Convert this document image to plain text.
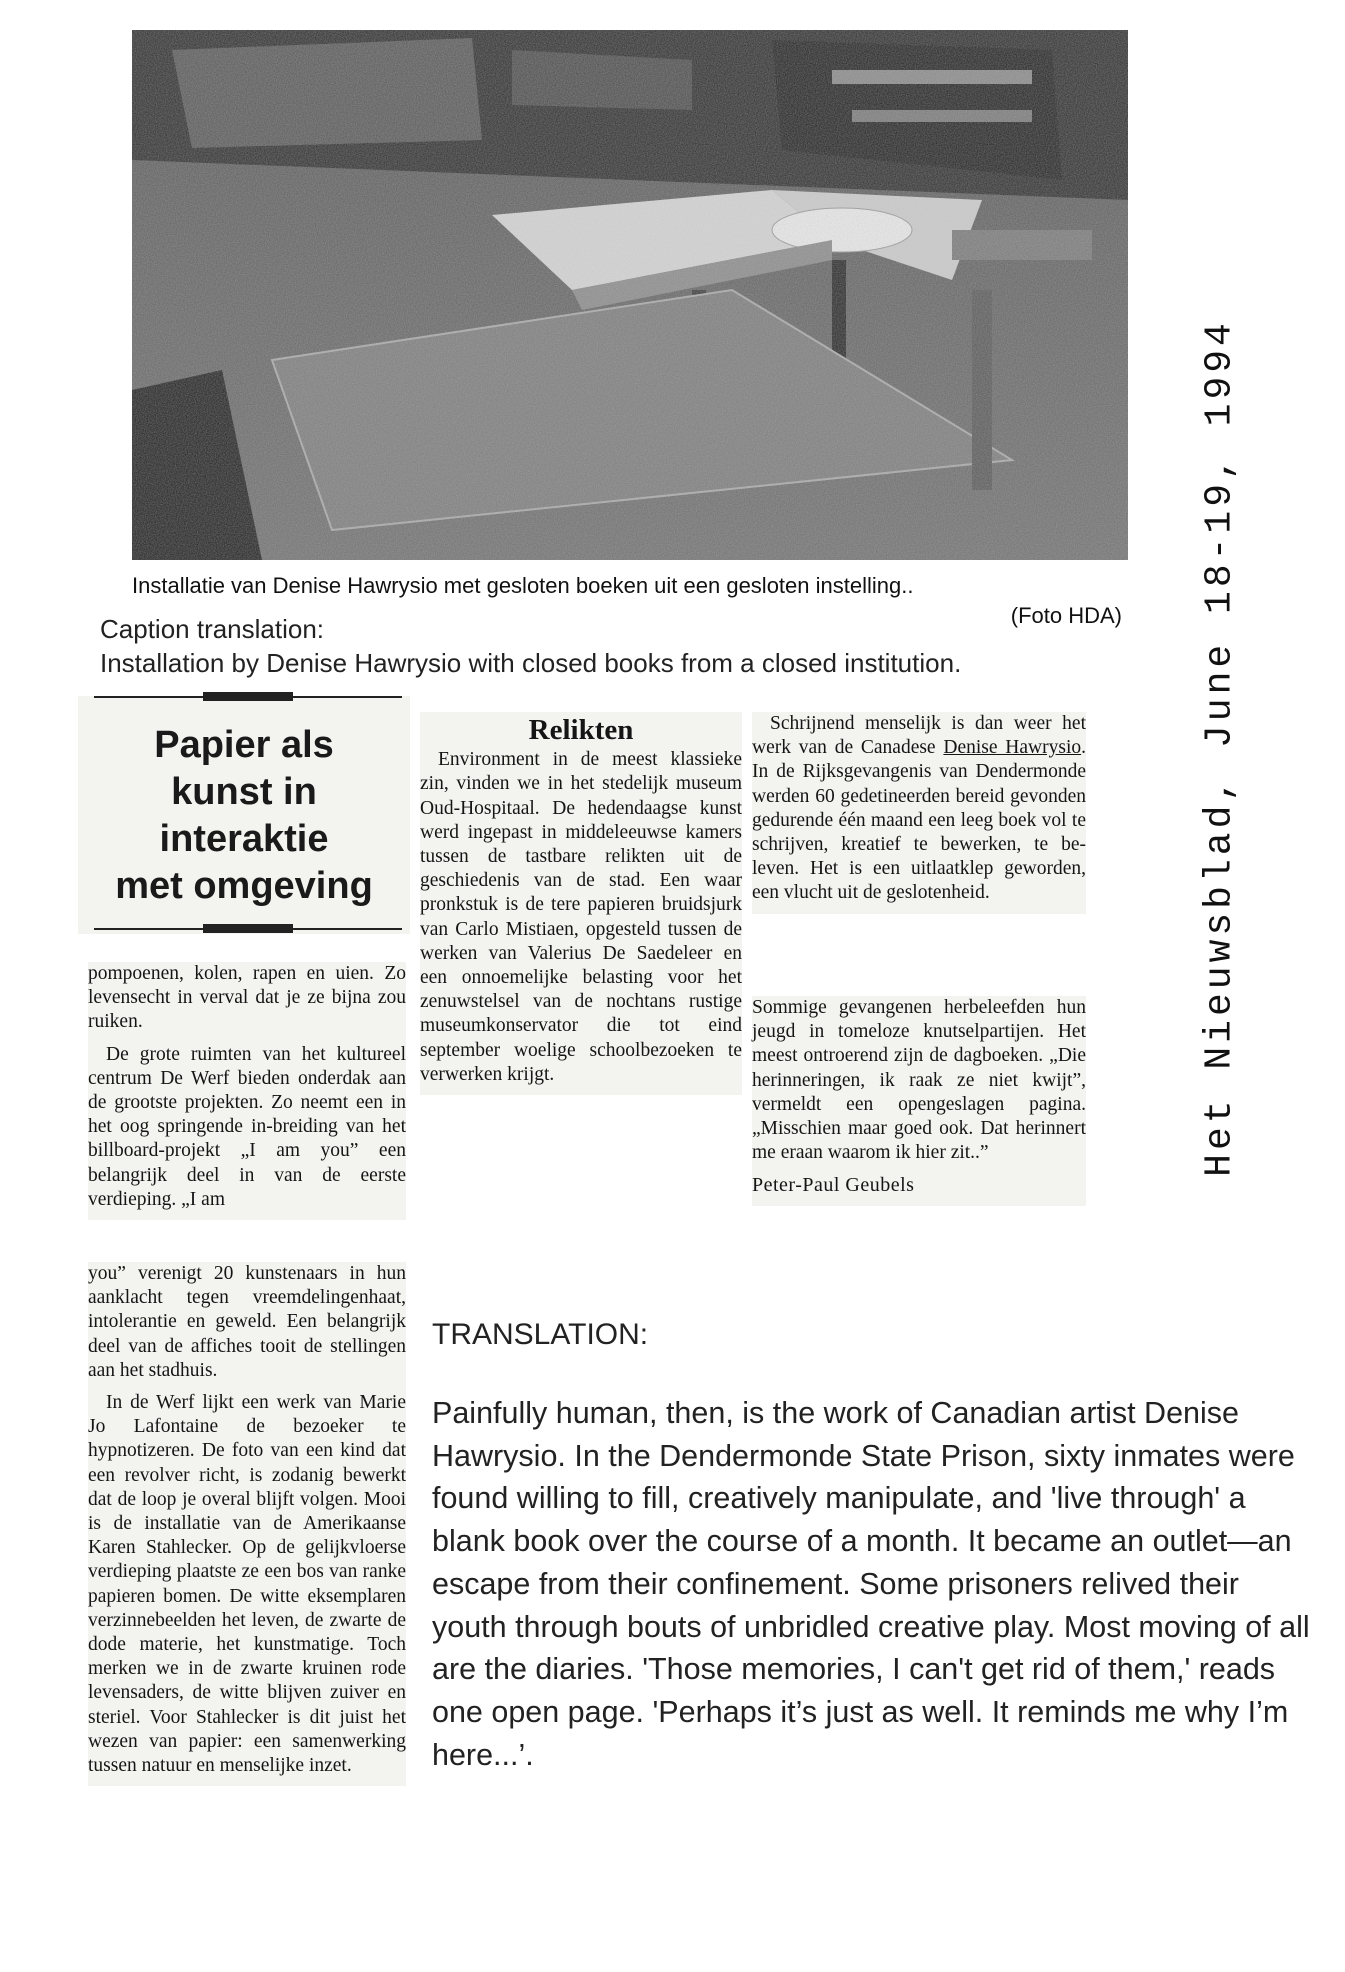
Installatie van Denise Hawrysio met gesloten boeken uit een gesloten instelling..
(Foto HDA)
Caption translation:
Installation by Denise Hawrysio with closed books from a closed institution.
Papier als
kunst in
interaktie
met omgeving

pompoenen, kolen, rapen en uien. Zo levensecht in verval dat je ze bijna zou ruiken.

De grote ruimten van het kultureel centrum De Werf bieden onderdak aan de grootste projekten. Zo neemt een in het oog springende in-breiding van het billboard-projekt „I am you” een belangrijk deel in van de eerste verdieping. „I am

you” verenigt 20 kunstenaars in hun aanklacht tegen vreemdelingenhaat, intolerantie en geweld. Een belangrijk deel van de affiches tooit de stellingen aan het stadhuis.

In de Werf lijkt een werk van Marie Jo Lafontaine de bezoeker te hypnotizeren. De foto van een kind dat een revolver richt, is zodanig bewerkt dat de loop je overal blijft volgen. Mooi is de installatie van de Amerikaanse Karen Stahlecker. Op de gelijkvloerse verdieping plaatste ze een bos van ranke papieren bomen. De witte eksemplaren verzinnebeelden het leven, de zwarte de dode materie, het kunstmatige. Toch merken we in de zwarte kruinen rode levensaders, de witte blijven zuiver en steriel. Voor Stahlecker is dit juist het wezen van papier: een samenwerking tussen natuur en menselijke inzet.

Relikten

Environment in de meest klassieke zin, vinden we in het stedelijk museum Oud-Hospitaal. De hedendaagse kunst werd ingepast in middeleeuwse kamers tussen de tastbare relikten uit de geschiedenis van de stad. Een waar pronkstuk is de tere papieren bruidsjurk van Carlo Mistiaen, opgesteld tussen de werken van Valerius De Saedeleer en een onnoemelijke belasting voor het zenuwstelsel van de nochtans rustige museumkonservator die tot eind september woelige schoolbezoeken te verwerken krijgt.

Schrijnend menselijk is dan weer het werk van de Canadese Denise Hawrysio. In de Rijksgevangenis van Dendermonde werden 60 gedetineerden bereid gevonden gedurende één maand een leeg boek vol te schrijven, kreatief te bewerken, te be-leven. Het is een uitlaatklep geworden, een vlucht uit de geslotenheid.

Sommige gevangenen herbeleefden hun jeugd in tomeloze knutselpartijen. Het meest ontroerend zijn de dagboeken. „Die herinneringen, ik raak ze niet kwijt”, vermeldt een opengeslagen pagina. „Misschien maar goed ook. Dat herinnert me eraan waarom ik hier zit..”

Peter-Paul Geubels

TRANSLATION:

Painfully human, then, is the work of Canadian artist Denise Hawrysio. In the Dendermonde State Prison, sixty inmates were found willing to fill, creatively manipulate, and 'live through' a blank book over the course of a month. It became an outlet—an escape from their confinement. Some prisoners relived their youth through bouts of unbridled creative play. Most moving of all are the diaries. 'Those memories, I can't get rid of them,' reads one open page. 'Perhaps it’s just as well. It reminds me why I’m here...’.

Het Nieuwsblad, June 18-19, 1994
